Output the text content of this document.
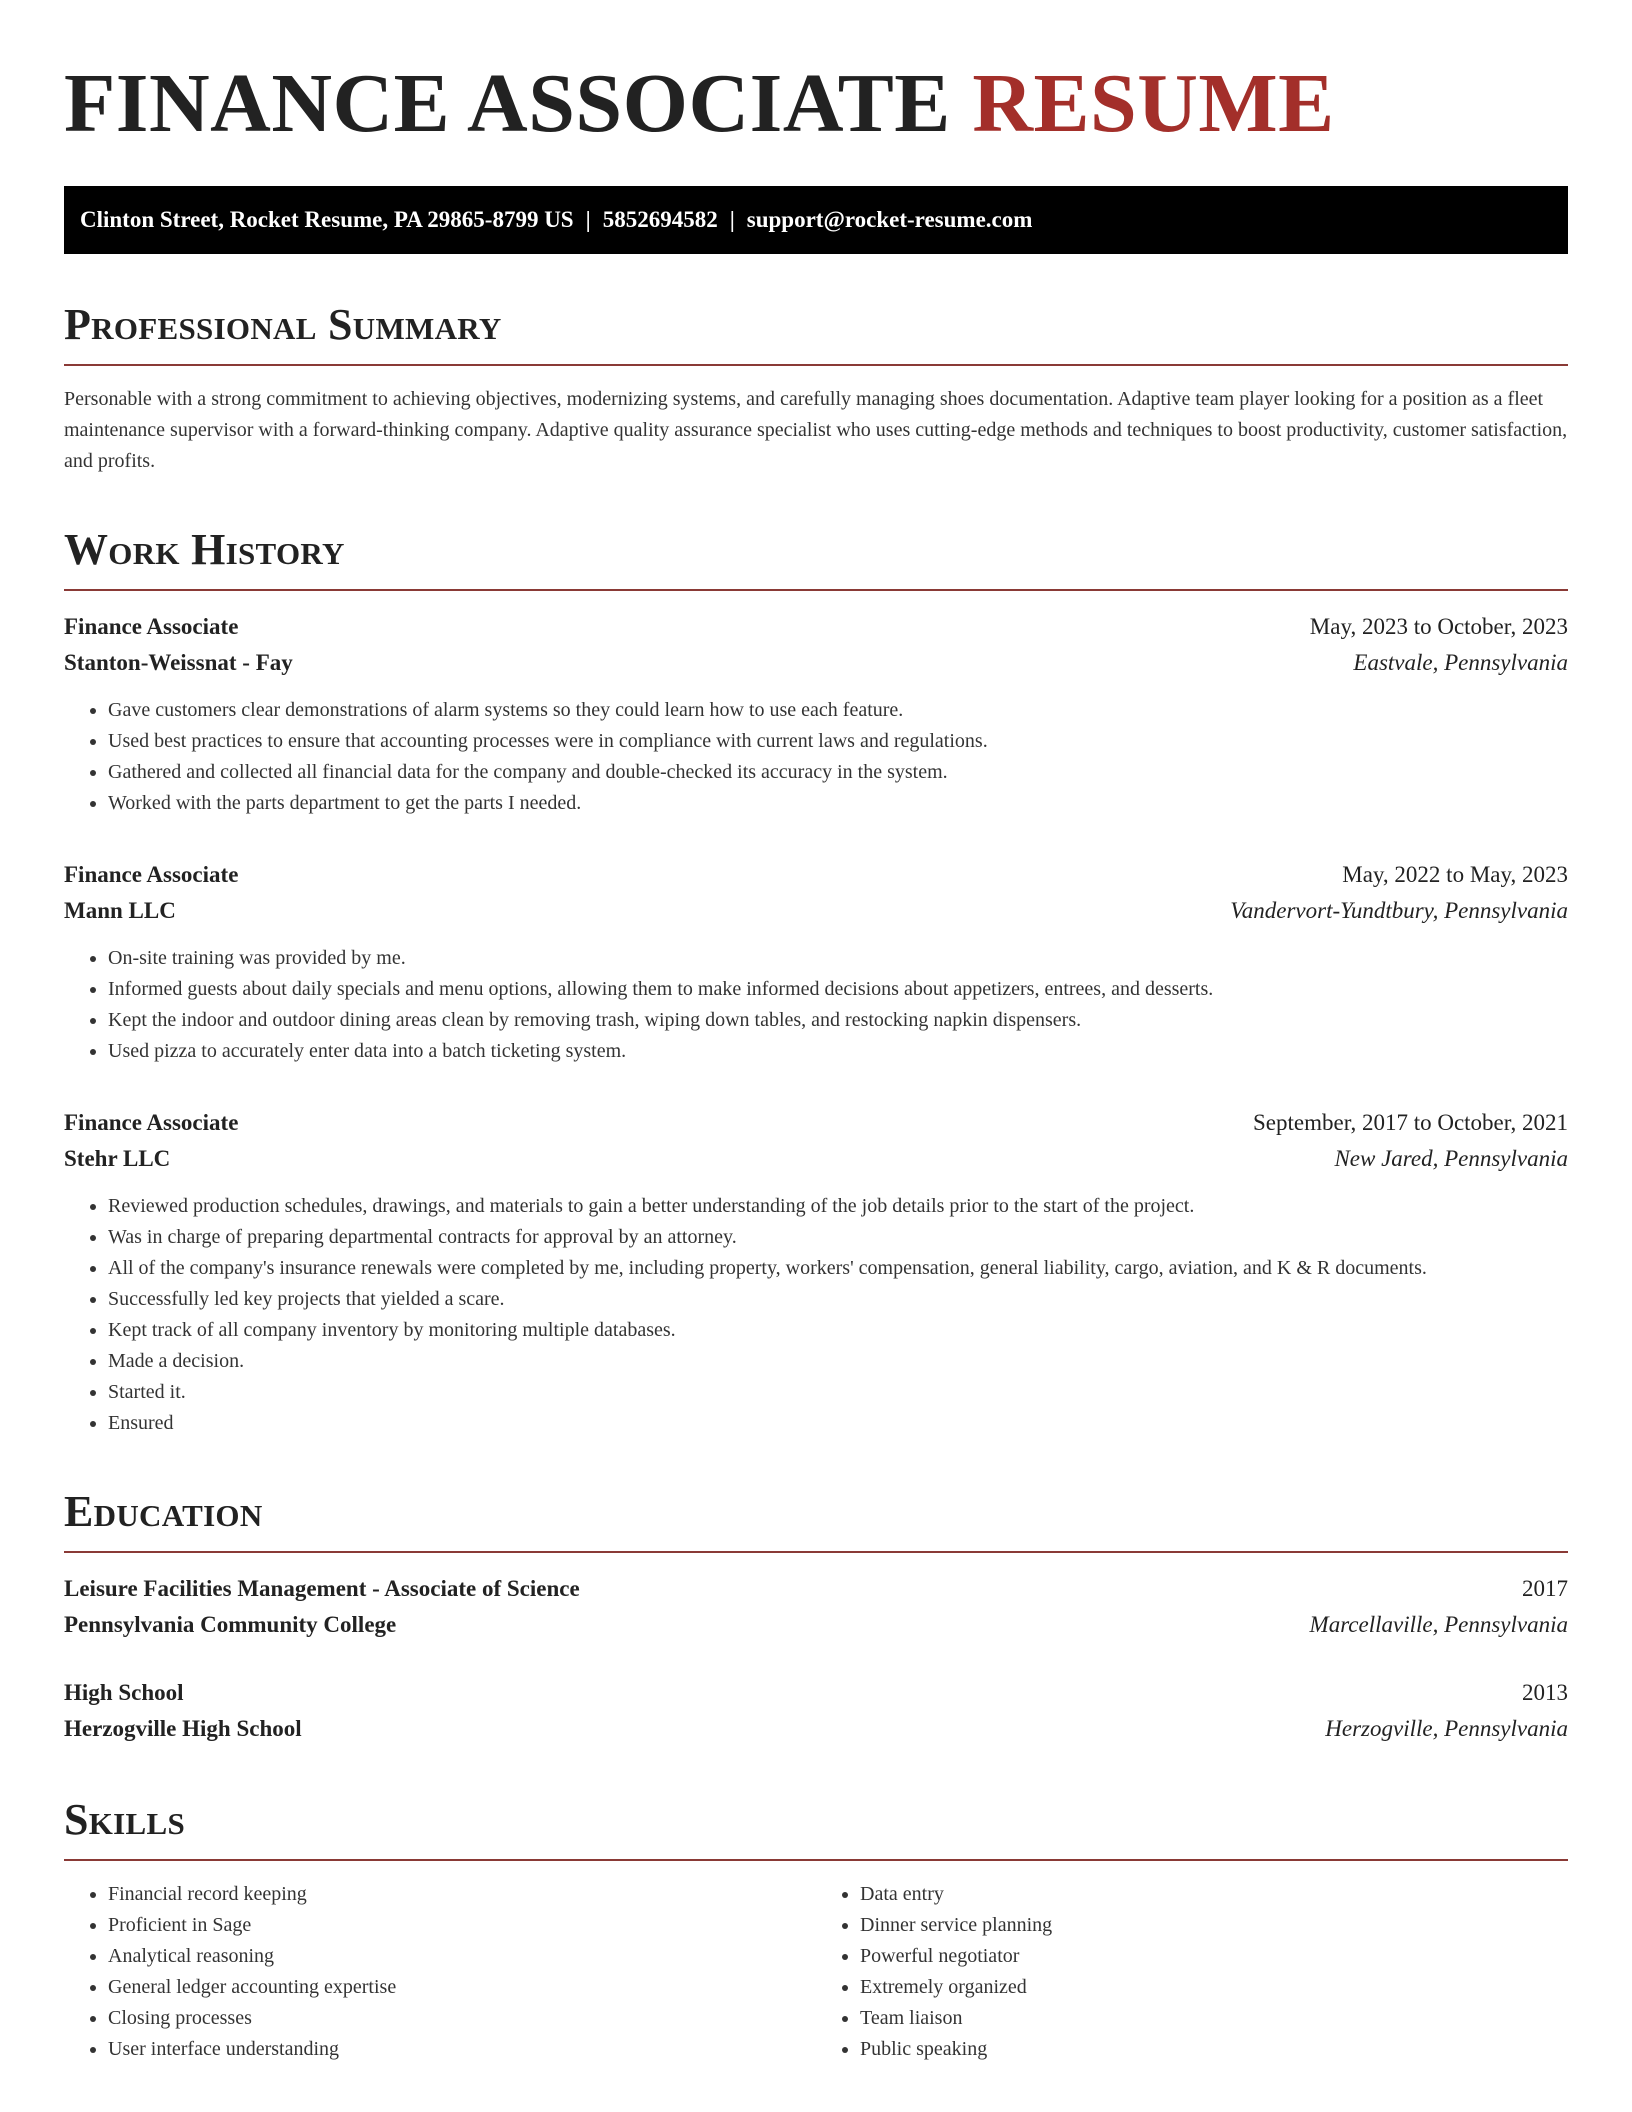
FINANCE ASSOCIATE RESUME
Clinton Street, Rocket Resume, PA 29865-8799 US | 5852694582 | support@rocket-resume.com
Professional Summary

Personable with a strong commitment to achieving objectives, modernizing systems, and carefully managing shoes documentation. Adaptive team player looking for a position as a fleet maintenance supervisor with a forward-thinking company. Adaptive quality assurance specialist who uses cutting-edge methods and techniques to boost productivity, customer satisfaction, and profits.

Work History
Finance Associate	May, 2023 to October, 2023
Stanton-Weissnat - Fay	Eastvale, Pennsylvania
• Gave customers clear demonstrations of alarm systems so they could learn how to use each feature.
• Used best practices to ensure that accounting processes were in compliance with current laws and regulations.
• Gathered and collected all financial data for the company and double-checked its accuracy in the system.
• Worked with the parts department to get the parts I needed.
Finance Associate	May, 2022 to May, 2023
Mann LLC	Vandervort-Yundtbury, Pennsylvania
• On-site training was provided by me.
• Informed guests about daily specials and menu options, allowing them to make informed decisions about appetizers, entrees, and desserts.
• Kept the indoor and outdoor dining areas clean by removing trash, wiping down tables, and restocking napkin dispensers.
• Used pizza to accurately enter data into a batch ticketing system.
Finance Associate	September, 2017 to October, 2021
Stehr LLC	New Jared, Pennsylvania
• Reviewed production schedules, drawings, and materials to gain a better understanding of the job details prior to the start of the project.
• Was in charge of preparing departmental contracts for approval by an attorney.
• All of the company's insurance renewals were completed by me, including property, workers' compensation, general liability, cargo, aviation, and K & R documents.
• Successfully led key projects that yielded a scare.
• Kept track of all company inventory by monitoring multiple databases.
• Made a decision.
• Started it.
• Ensured
Education
Leisure Facilities Management - Associate of Science	2017
Pennsylvania Community College	Marcellaville, Pennsylvania
High School	2013
Herzogville High School	Herzogville, Pennsylvania
Skills
• Financial record keeping
• Proficient in Sage
• Analytical reasoning
• General ledger accounting expertise
• Closing processes
• User interface understanding
• Data entry
• Dinner service planning
• Powerful negotiator
• Extremely organized
• Team liaison
• Public speaking
